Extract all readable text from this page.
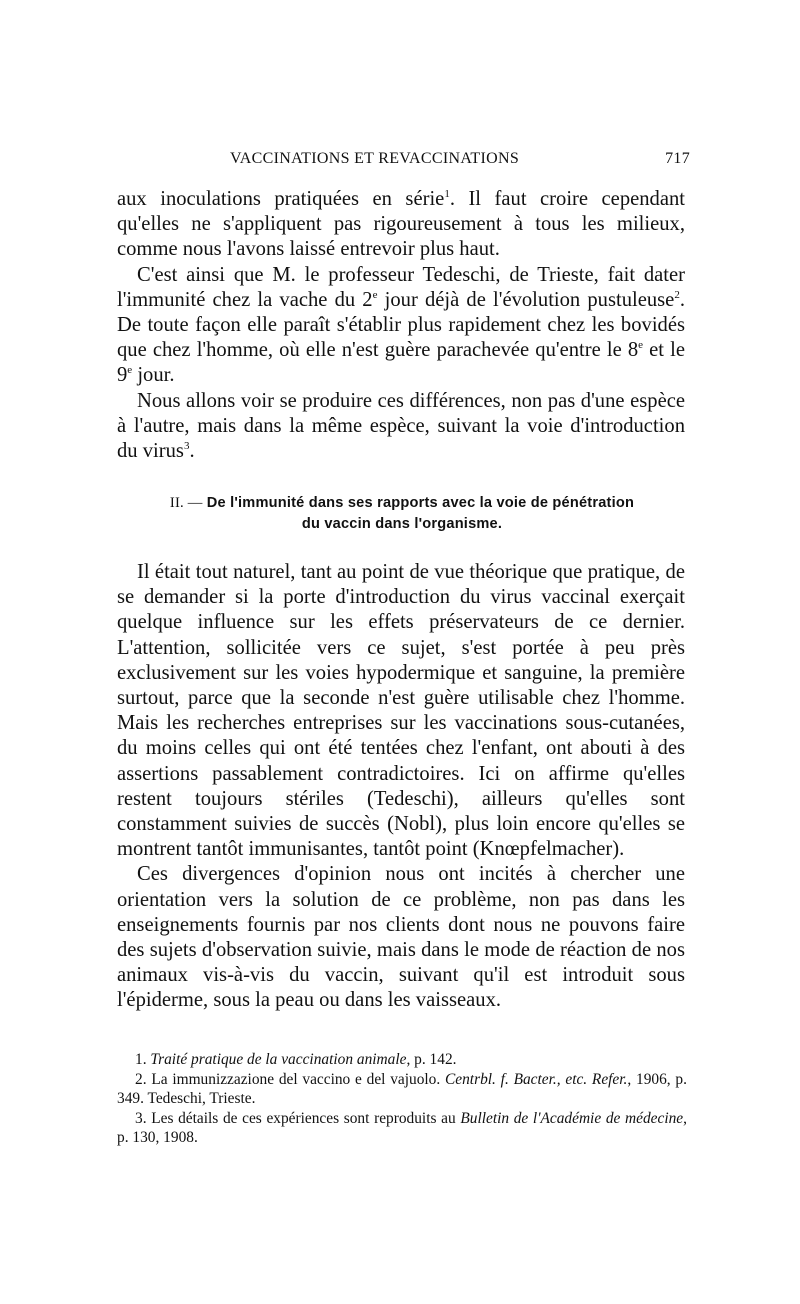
VACCINATIONS ET REVACCINATIONS	717

aux inoculations pratiquées en série$^1$. Il faut croire cependant qu'elles ne s'appliquent pas rigoureusement à tous les milieux, comme nous l'avons laissé entrevoir plus haut.

C'est ainsi que M. le professeur Tedeschi, de Trieste, fait dater l'immunité chez la vache du 2e jour déjà de l'évolution pustuleuse$^2$. De toute façon elle paraît s'établir plus rapidement chez les bovidés que chez l'homme, où elle n'est guère parachevée qu'entre le 8e et le 9e jour.

Nous allons voir se produire ces différences, non pas d'une espèce à l'autre, mais dans la même espèce, suivant la voie d'introduction du virus$^3$.

II. — De l'immunité dans ses rapports avec la voie de pénétration
du vaccin dans l'organisme.

Il était tout naturel, tant au point de vue théorique que pratique, de se demander si la porte d'introduction du virus vaccinal exerçait quelque influence sur les effets préservateurs de ce dernier. L'attention, sollicitée vers ce sujet, s'est portée à peu près exclusivement sur les voies hypodermique et sanguine, la première surtout, parce que la seconde n'est guère utilisable chez l'homme. Mais les recherches entreprises sur les vaccinations sous-cutanées, du moins celles qui ont été tentées chez l'enfant, ont abouti à des assertions passablement contradictoires. Ici on affirme qu'elles restent toujours stériles (Tedeschi), ailleurs qu'elles sont constamment suivies de succès (Nobl), plus loin encore qu'elles se montrent tantôt immunisantes, tantôt point (Knœpfelmacher).

Ces divergences d'opinion nous ont incités à chercher une orientation vers la solution de ce problème, non pas dans les enseignements fournis par nos clients dont nous ne pouvons faire des sujets d'observation suivie, mais dans le mode de réaction de nos animaux vis-à-vis du vaccin, suivant qu'il est introduit sous l'épiderme, sous la peau ou dans les vaisseaux.

1. Traité pratique de la vaccination animale, p. 142.

2. La immunizzazione del vaccino e del vajuolo. Centrbl. f. Bacter., etc. Refer., 1906, p. 349. Tedeschi, Trieste.

3. Les détails de ces expériences sont reproduits au Bulletin de l'Académie de médecine, p. 130, 1908.
